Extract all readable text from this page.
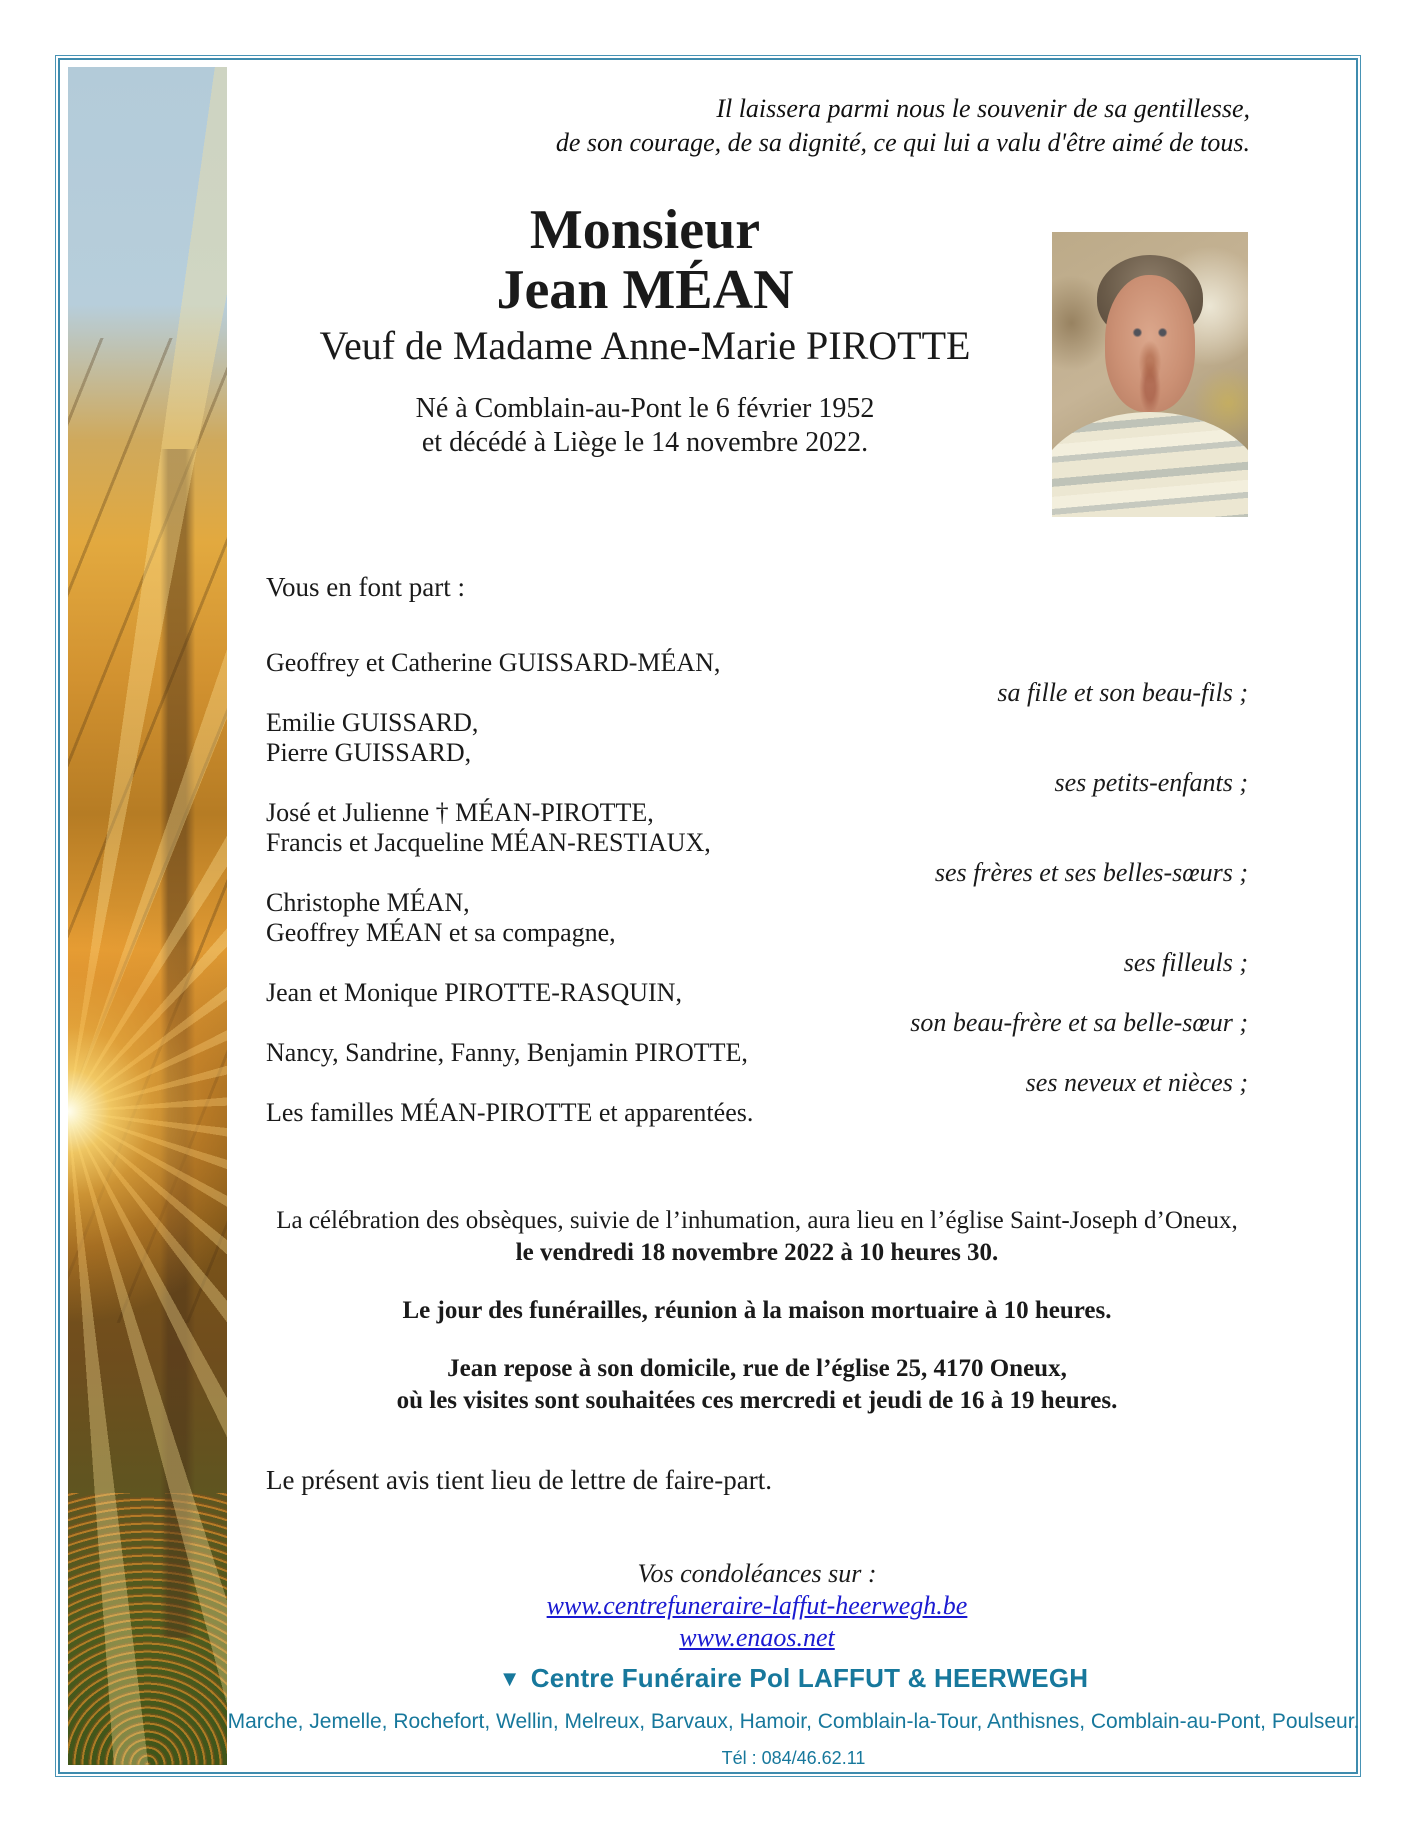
Il laissera parmi nous le souvenir de sa gentillesse,
de son courage, de sa dignité, ce qui lui a valu d'être aimé de tous.
Monsieur
Jean MÉAN
Veuf de Madame Anne-Marie PIROTTE
Né à Comblain-au-Pont le 6 février 1952
et décédé à Liège le 14 novembre 2022.
Vous en font part :
Geoffrey et Catherine GUISSARD-MÉAN,
sa fille et son beau-fils ;
Emilie GUISSARD,
Pierre GUISSARD,
ses petits-enfants ;
José et Julienne † MÉAN-PIROTTE,
Francis et Jacqueline MÉAN-RESTIAUX,
ses frères et ses belles-sœurs ;
Christophe MÉAN,
Geoffrey MÉAN et sa compagne,
ses filleuls ;
Jean et Monique PIROTTE-RASQUIN,
son beau-frère et sa belle-sœur ;
Nancy, Sandrine, Fanny, Benjamin PIROTTE,
ses neveux et nièces ;
Les familles MÉAN-PIROTTE et apparentées.

La célébration des obsèques, suivie de l’inhumation, aura lieu en l’église Saint-Joseph d’Oneux,
le vendredi 18 novembre 2022 à 10 heures 30.

Le jour des funérailles, réunion à la maison mortuaire à 10 heures.

Jean repose à son domicile, rue de l’église 25, 4170 Oneux,
où les visites sont souhaitées ces mercredi et jeudi de 16 à 19 heures.

Le présent avis tient lieu de lettre de faire-part.
Vos condoléances sur :
www.centrefuneraire-laffut-heerwegh.be
www.enaos.net
▼ Centre Funéraire Pol LAFFUT & HEERWEGH
Marche, Jemelle, Rochefort, Wellin, Melreux, Barvaux, Hamoir, Comblain-la-Tour, Anthisnes, Comblain-au-Pont, Poulseur.
Tél : 084/46.62.11
